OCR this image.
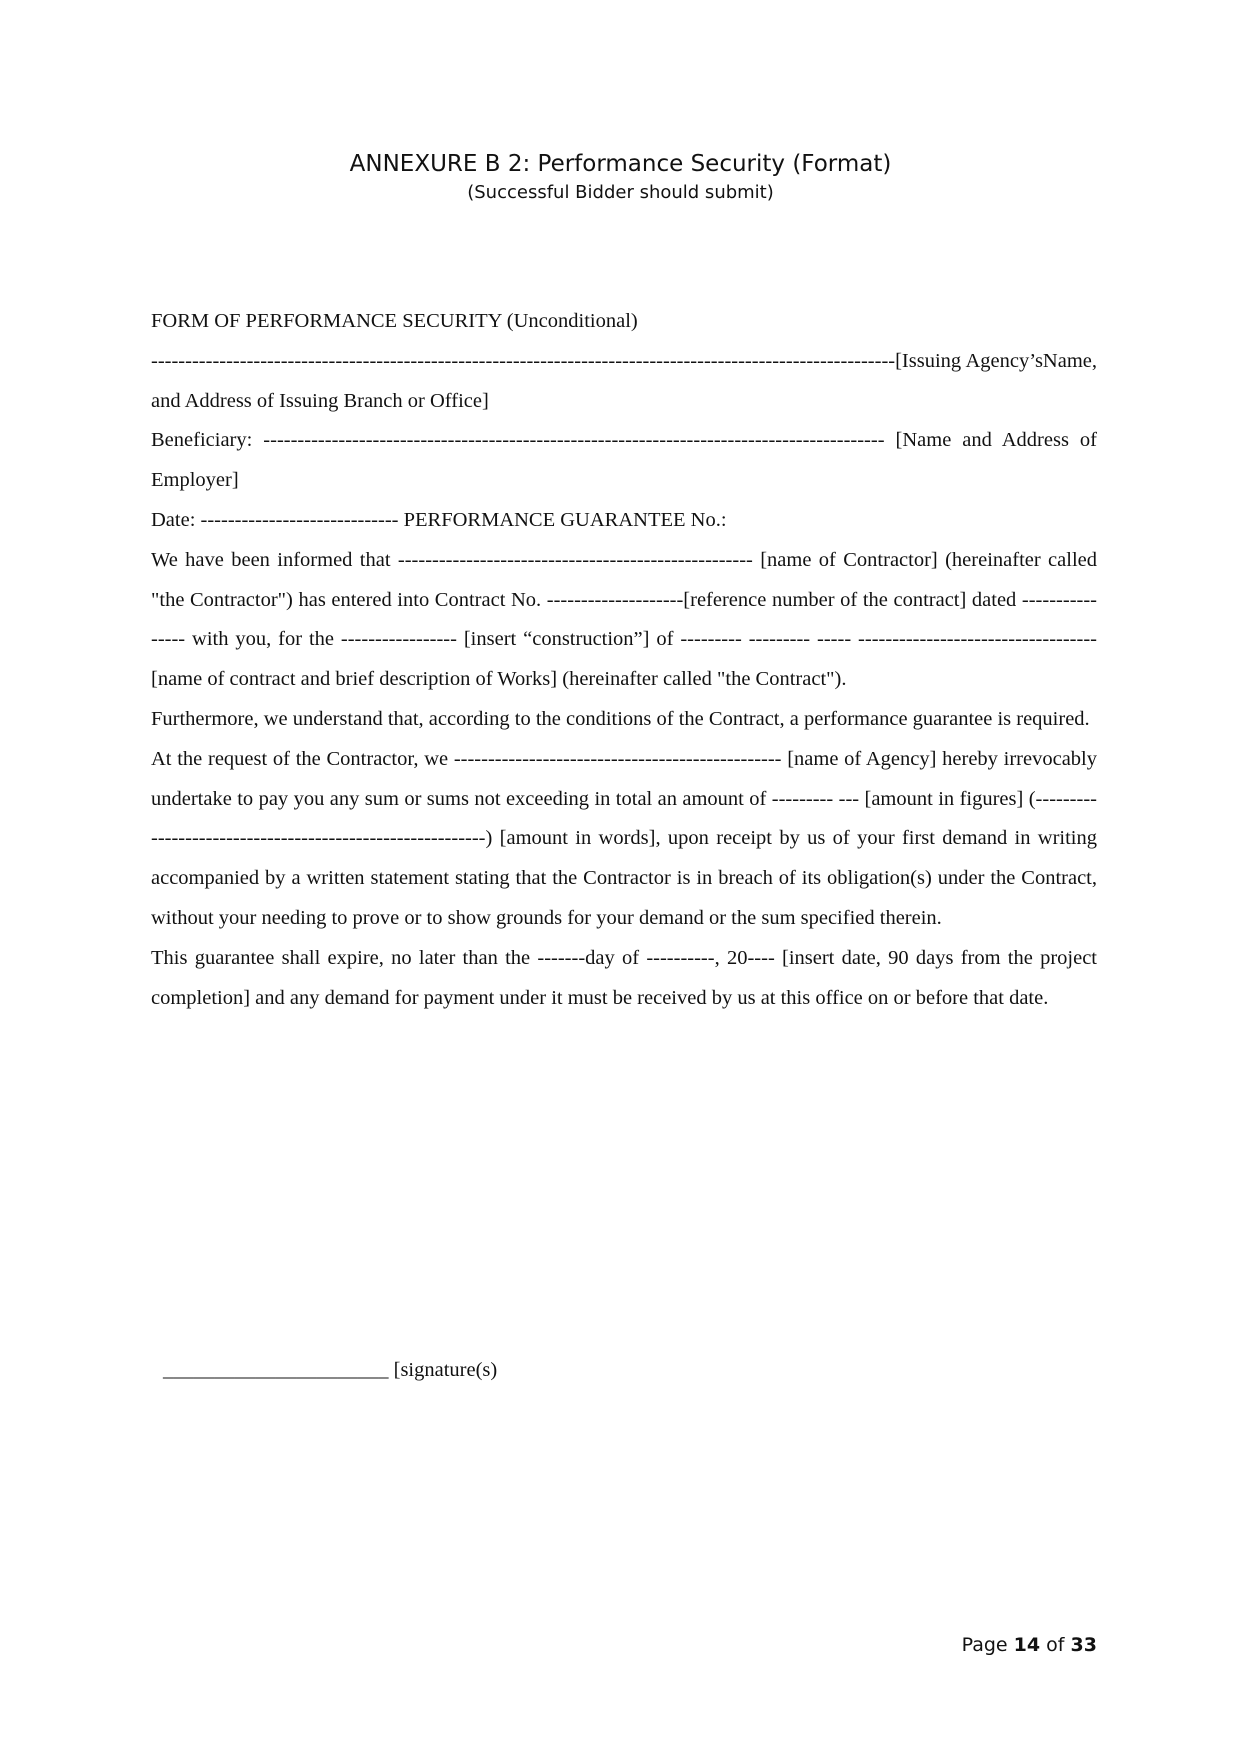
ANNEXURE B 2: Performance Security (Format)
(Successful Bidder should submit)

FORM OF PERFORMANCE SECURITY (Unconditional)

-------------------------------------------------------------------------------------------------------------[Issuing Agency’sName, and Address of Issuing Branch or Office]

Beneficiary: ------------------------------------------------------------------------------------------- [Name and Address of Employer]

Date: ----------------------------- PERFORMANCE GUARANTEE No.:

We have been informed that ---------------------------------------------------- [name of Contractor] (hereinafter called "the Contractor") has entered into Contract No. --------------------[reference number of the contract] dated ---------------- with you, for the ----------------- [insert “construction”] of --------- --------- ----- ----------------------------------- [name of contract and brief description of Works] (hereinafter called "the Contract").

Furthermore, we understand that, according to the conditions of the Contract, a performance guarantee is required.

At the request of the Contractor, we ------------------------------------------------ [name of Agency] hereby irrevocably undertake to pay you any sum or sums not exceeding in total an amount of --------- --- [amount in figures] (----------------------------------------------------------) [amount in words], upon receipt by us of your first demand in writing accompanied by a written statement stating that the Contractor is in breach of its obligation(s) under the Contract, without your needing to prove or to show grounds for your demand or the sum specified therein.

This guarantee shall expire, no later than the -------day of ----------, 20---- [insert date, 90 days from the project completion] and any demand for payment under it must be received by us at this office on or before that date.

______________________ [signature(s)
Page 14 of 33
